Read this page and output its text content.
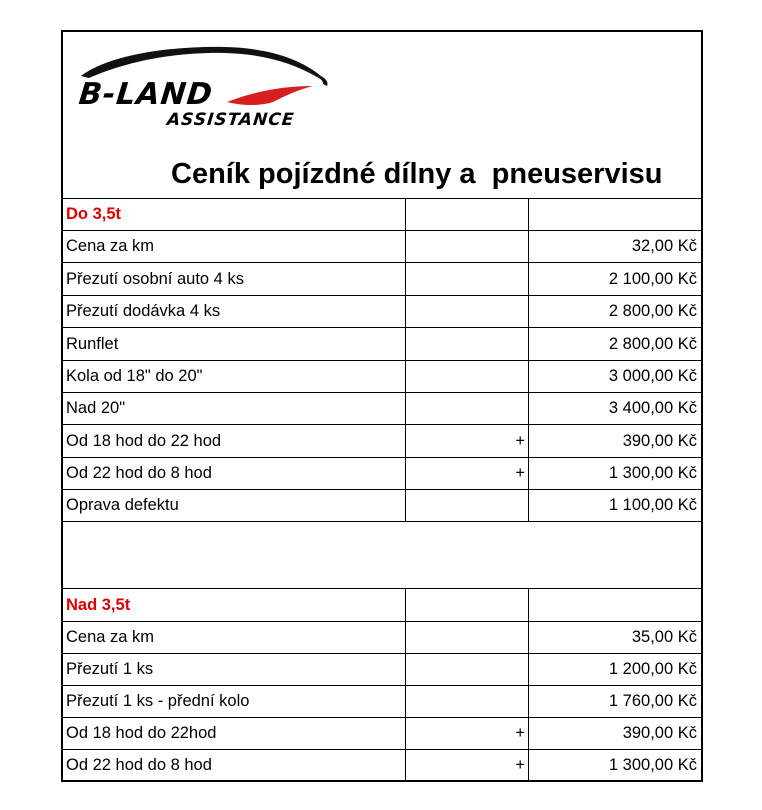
B-LAND
ASSISTANCE
Ceník pojízdné dílny a  pneuservisu
Do 3,5t		
Cena za km		32,00 Kč
Přezutí osobní auto 4 ks		2 100,00 Kč
Přezutí dodávka 4 ks		2 800,00 Kč
Runflet		2 800,00 Kč
Kola od 18" do 20"		3 000,00 Kč
Nad 20"		3 400,00 Kč
Od 18 hod do 22 hod	+	390,00 Kč
Od 22 hod do 8 hod	+	1 300,00 Kč
Oprava defektu		1 100,00 Kč

Nad 3,5t		
Cena za km		35,00 Kč
Přezutí 1 ks		1 200,00 Kč
Přezutí 1 ks - přední kolo		1 760,00 Kč
Od 18 hod do 22hod	+	390,00 Kč
Od 22 hod do 8 hod	+	1 300,00 Kč
